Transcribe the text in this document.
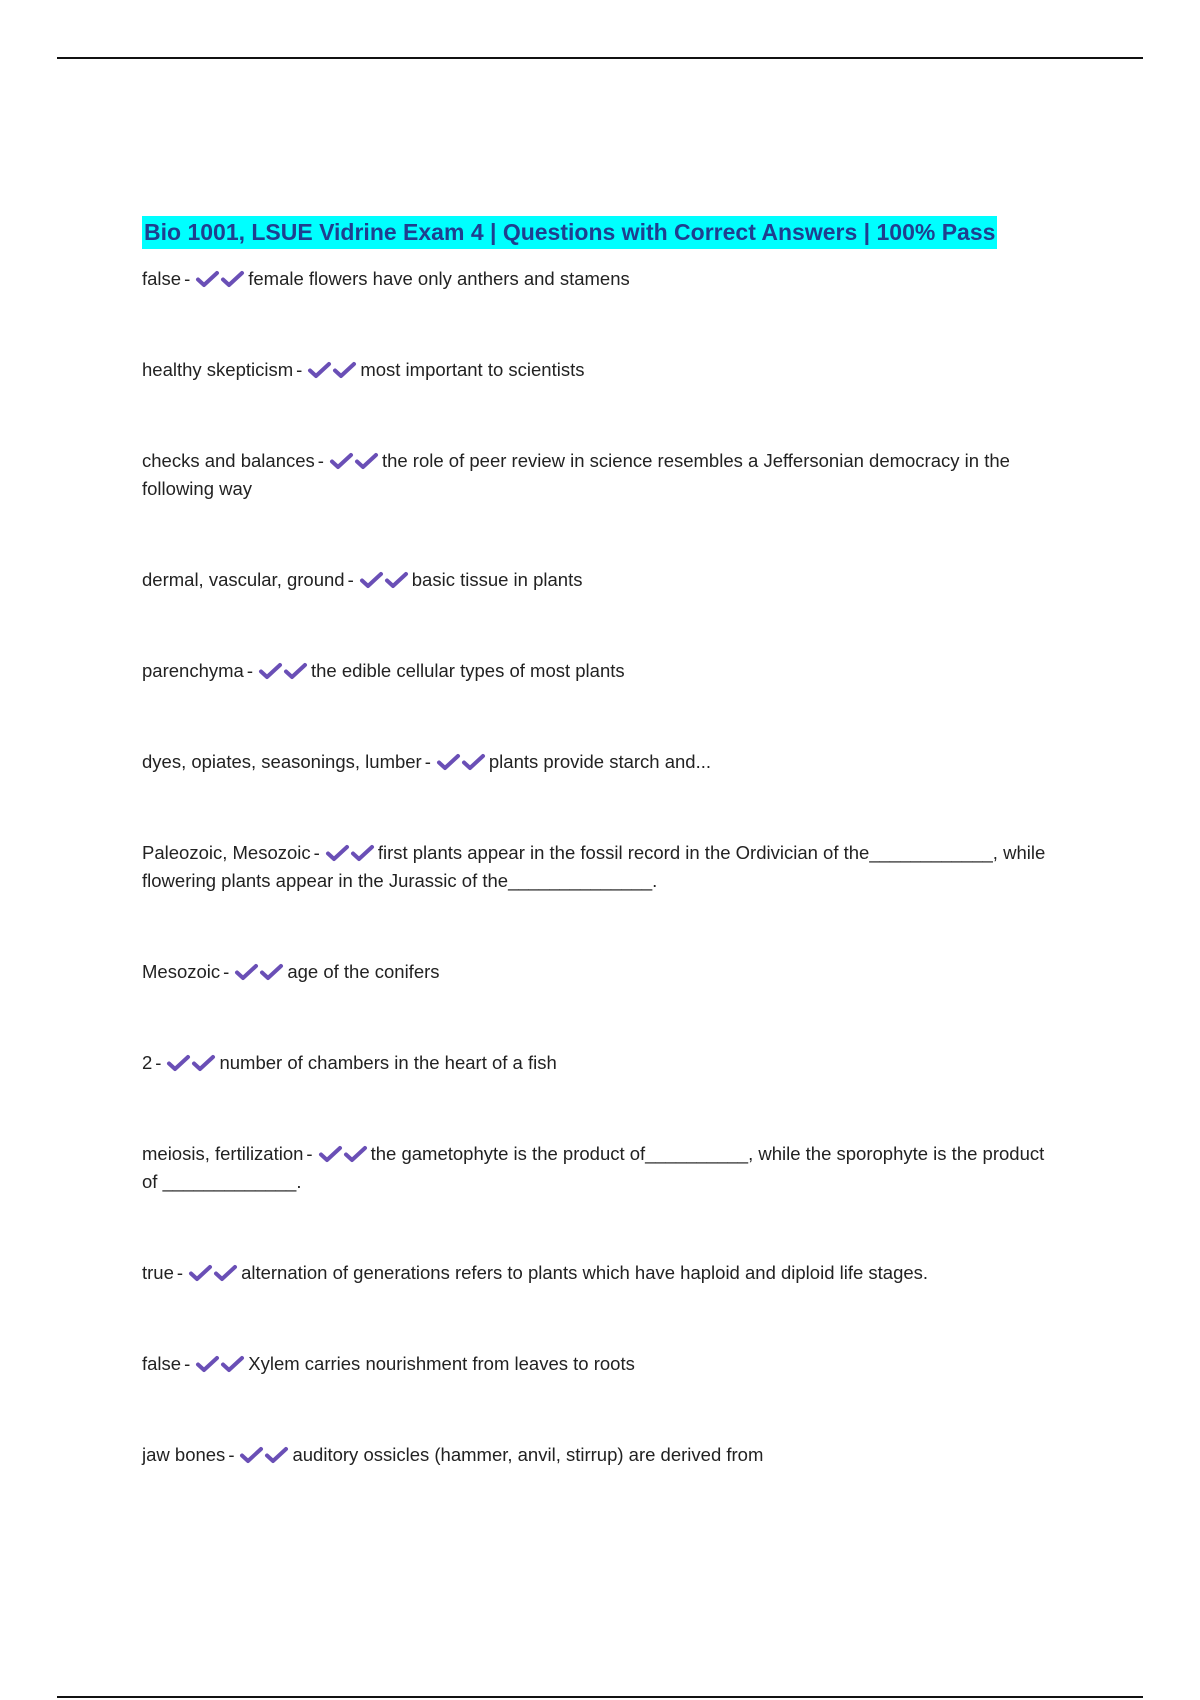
Bio 1001, LSUE Vidrine Exam 4 | Questions with Correct Answers | 100% Pass

false -	female flowers have only anthers and stamens

healthy skepticism -	most important to scientists

checks and balances -	the role of peer review in science resembles a Jeffersonian democracy in the following way

dermal, vascular, ground -	basic tissue in plants

parenchyma -	the edible cellular types of most plants

dyes, opiates, seasonings, lumber -	plants provide starch and...

Paleozoic, Mesozoic -	first plants appear in the fossil record in the Ordivician of the____________, while flowering plants appear in the Jurassic of the______________.

Mesozoic -	age of the conifers

2 -	number of chambers in the heart of a fish

meiosis, fertilization -	the gametophyte is the product of__________, while the sporophyte is the product of _____________.

true -	alternation of generations refers to plants which have haploid and diploid life stages.

false -	Xylem carries nourishment from leaves to roots

jaw bones -	auditory ossicles (hammer, anvil, stirrup) are derived from
